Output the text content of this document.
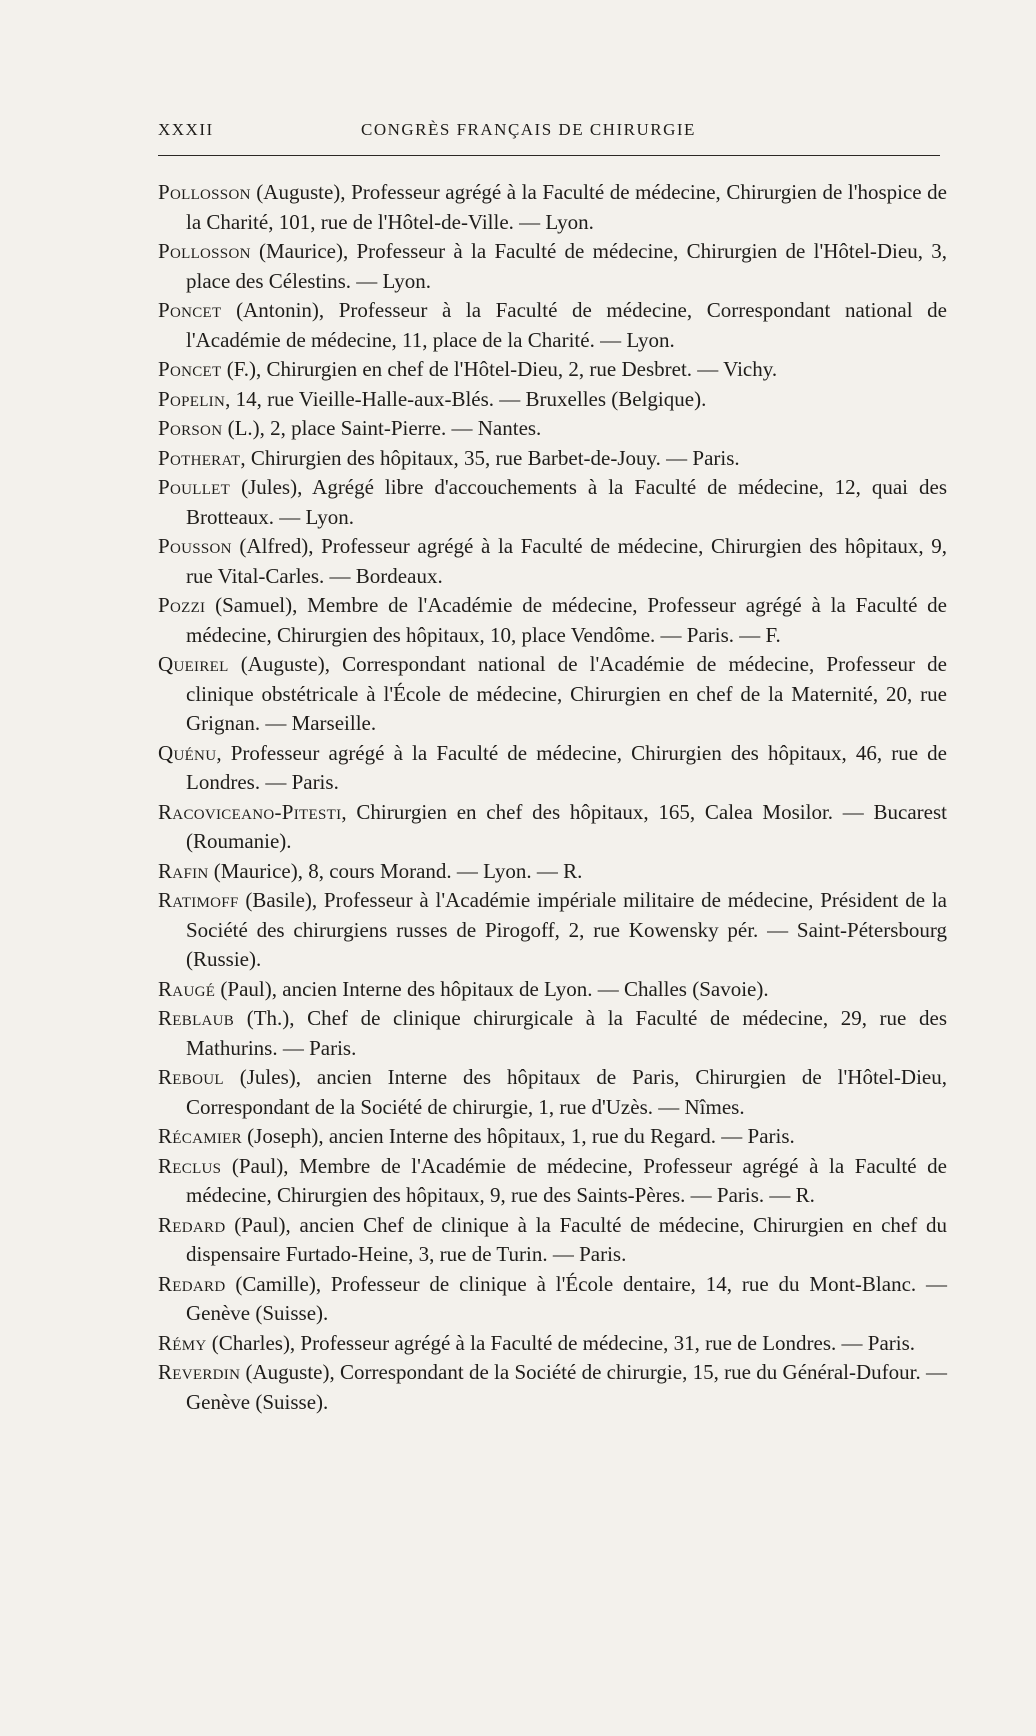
XXXII	CONGRÈS FRANÇAIS DE CHIRURGIE

Pollosson (Auguste), Professeur agrégé à la Faculté de médecine, Chirurgien de l'hospice de la Charité, 101, rue de l'Hôtel-de-Ville. — Lyon.

Pollosson (Maurice), Professeur à la Faculté de médecine, Chirurgien de l'Hôtel-Dieu, 3, place des Célestins. — Lyon.

Poncet (Antonin), Professeur à la Faculté de médecine, Correspondant national de l'Académie de médecine, 11, place de la Charité. — Lyon.

Poncet (F.), Chirurgien en chef de l'Hôtel-Dieu, 2, rue Desbret. — Vichy.

Popelin, 14, rue Vieille-Halle-aux-Blés. — Bruxelles (Belgique).

Porson (L.), 2, place Saint-Pierre. — Nantes.

Potherat, Chirurgien des hôpitaux, 35, rue Barbet-de-Jouy. — Paris.

Poullet (Jules), Agrégé libre d'accouchements à la Faculté de médecine, 12, quai des Brotteaux. — Lyon.

Pousson (Alfred), Professeur agrégé à la Faculté de médecine, Chirurgien des hôpitaux, 9, rue Vital-Carles. — Bordeaux.

Pozzi (Samuel), Membre de l'Académie de médecine, Professeur agrégé à la Faculté de médecine, Chirurgien des hôpitaux, 10, place Vendôme. — Paris. — F.

Queirel (Auguste), Correspondant national de l'Académie de médecine, Professeur de clinique obstétricale à l'École de médecine, Chirurgien en chef de la Maternité, 20, rue Grignan. — Marseille.

Quénu, Professeur agrégé à la Faculté de médecine, Chirurgien des hôpitaux, 46, rue de Londres. — Paris.

Racoviceano-Pitesti, Chirurgien en chef des hôpitaux, 165, Calea Mosilor. — Bucarest (Roumanie).

Rafin (Maurice), 8, cours Morand. — Lyon. — R.

Ratimoff (Basile), Professeur à l'Académie impériale militaire de médecine, Président de la Société des chirurgiens russes de Pirogoff, 2, rue Kowensky pér. — Saint-Pétersbourg (Russie).

Raugé (Paul), ancien Interne des hôpitaux de Lyon. — Challes (Savoie).

Reblaub (Th.), Chef de clinique chirurgicale à la Faculté de médecine, 29, rue des Mathurins. — Paris.

Reboul (Jules), ancien Interne des hôpitaux de Paris, Chirurgien de l'Hôtel-Dieu, Correspondant de la Société de chirurgie, 1, rue d'Uzès. — Nîmes.

Récamier (Joseph), ancien Interne des hôpitaux, 1, rue du Regard. — Paris.

Reclus (Paul), Membre de l'Académie de médecine, Professeur agrégé à la Faculté de médecine, Chirurgien des hôpitaux, 9, rue des Saints-Pères. — Paris. — R.

Redard (Paul), ancien Chef de clinique à la Faculté de médecine, Chirurgien en chef du dispensaire Furtado-Heine, 3, rue de Turin. — Paris.

Redard (Camille), Professeur de clinique à l'École dentaire, 14, rue du Mont-Blanc. — Genève (Suisse).

Rémy (Charles), Professeur agrégé à la Faculté de médecine, 31, rue de Londres. — Paris.

Reverdin (Auguste), Correspondant de la Société de chirurgie, 15, rue du Général-Dufour. — Genève (Suisse).
